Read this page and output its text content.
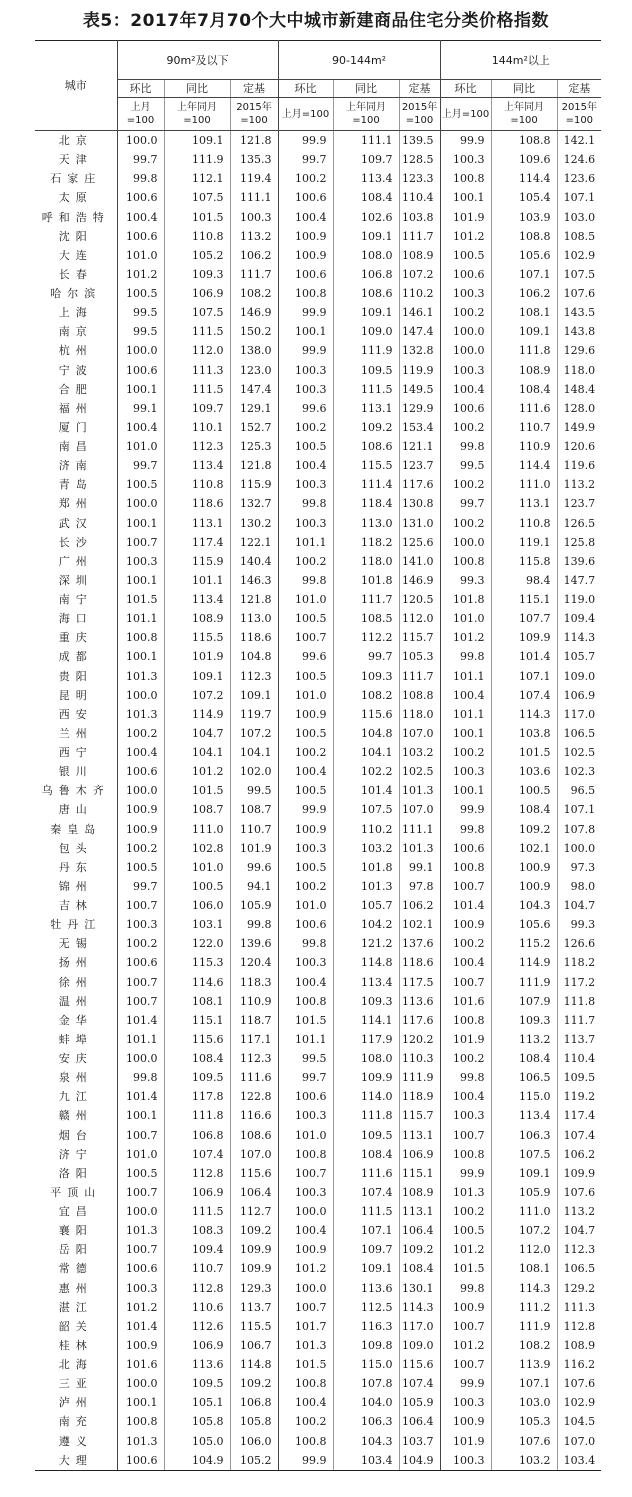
表5：2017年7月70个大中城市新建商品住宅分类价格指数
城市	90m²及以下			90-144m²			144m²以上		
	环比	同比	定基	环比	同比	定基	环比	同比	定基
	上月=100	上年同月=100	2015年=100	上月=100	上年同月=100	2015年=100	上月=100	上年同月=100	2015年=100
北京	100.0	109.1	121.8	99.9	111.1	139.5	99.9	108.8	142.1
天津	99.7	111.9	135.3	99.7	109.7	128.5	100.3	109.6	124.6
石家庄	99.8	112.1	119.4	100.2	113.4	123.3	100.8	114.4	123.6
太原	100.6	107.5	111.1	100.6	108.4	110.4	100.1	105.4	107.1
呼和浩特	100.4	101.5	100.3	100.4	102.6	103.8	101.9	103.9	103.0
沈阳	100.6	110.8	113.2	100.9	109.1	111.7	101.2	108.8	108.5
大连	101.0	105.2	106.2	100.9	108.0	108.9	100.5	105.6	102.9
长春	101.2	109.3	111.7	100.6	106.8	107.2	100.6	107.1	107.5
哈尔滨	100.5	106.9	108.2	100.8	108.6	110.2	100.3	106.2	107.6
上海	99.5	107.5	146.9	99.9	109.1	146.1	100.2	108.1	143.5
南京	99.5	111.5	150.2	100.1	109.0	147.4	100.0	109.1	143.8
杭州	100.0	112.0	138.0	99.9	111.9	132.8	100.0	111.8	129.6
宁波	100.6	111.3	123.0	100.3	109.5	119.9	100.3	108.9	118.0
合肥	100.1	111.5	147.4	100.3	111.5	149.5	100.4	108.4	148.4
福州	99.1	109.7	129.1	99.6	113.1	129.9	100.6	111.6	128.0
厦门	100.4	110.1	152.7	100.2	109.2	153.4	100.2	110.7	149.9
南昌	101.0	112.3	125.3	100.5	108.6	121.1	99.8	110.9	120.6
济南	99.7	113.4	121.8	100.4	115.5	123.7	99.5	114.4	119.6
青岛	100.5	110.8	115.9	100.3	111.4	117.6	100.2	111.0	113.2
郑州	100.0	118.6	132.7	99.8	118.4	130.8	99.7	113.1	123.7
武汉	100.1	113.1	130.2	100.3	113.0	131.0	100.2	110.8	126.5
长沙	100.7	117.4	122.1	101.1	118.2	125.6	100.0	119.1	125.8
广州	100.3	115.9	140.4	100.2	118.0	141.0	100.8	115.8	139.6
深圳	100.1	101.1	146.3	99.8	101.8	146.9	99.3	98.4	147.7
南宁	101.5	113.4	121.8	101.0	111.7	120.5	101.8	115.1	119.0
海口	101.1	108.9	113.0	100.5	108.5	112.0	101.0	107.7	109.4
重庆	100.8	115.5	118.6	100.7	112.2	115.7	101.2	109.9	114.3
成都	100.1	101.9	104.8	99.6	99.7	105.3	99.8	101.4	105.7
贵阳	101.3	109.1	112.3	100.5	109.3	111.7	101.1	107.1	109.0
昆明	100.0	107.2	109.1	101.0	108.2	108.8	100.4	107.4	106.9
西安	101.3	114.9	119.7	100.9	115.6	118.0	101.1	114.3	117.0
兰州	100.2	104.7	107.2	100.5	104.8	107.0	100.1	103.8	106.5
西宁	100.4	104.1	104.1	100.2	104.1	103.2	100.2	101.5	102.5
银川	100.6	101.2	102.0	100.4	102.2	102.5	100.3	103.6	102.3
乌鲁木齐	100.0	101.5	99.5	100.5	101.4	101.3	100.1	100.5	96.5
唐山	100.9	108.7	108.7	99.9	107.5	107.0	99.9	108.4	107.1
秦皇岛	100.9	111.0	110.7	100.9	110.2	111.1	99.8	109.2	107.8
包头	100.2	102.8	101.9	100.3	103.2	101.3	100.6	102.1	100.0
丹东	100.5	101.0	99.6	100.5	101.8	99.1	100.8	100.9	97.3
锦州	99.7	100.5	94.1	100.2	101.3	97.8	100.7	100.9	98.0
吉林	100.7	106.0	105.9	101.0	105.7	106.2	101.4	104.3	104.7
牡丹江	100.3	103.1	99.8	100.6	104.2	102.1	100.9	105.6	99.3
无锡	100.2	122.0	139.6	99.8	121.2	137.6	100.2	115.2	126.6
扬州	100.6	115.3	120.4	100.3	114.8	118.6	100.4	114.9	118.2
徐州	100.7	114.6	118.3	100.4	113.4	117.5	100.7	111.9	117.2
温州	100.7	108.1	110.9	100.8	109.3	113.6	101.6	107.9	111.8
金华	101.4	115.1	118.7	101.5	114.1	117.6	100.8	109.3	111.7
蚌埠	101.1	115.6	117.1	101.1	117.9	120.2	101.9	113.2	113.7
安庆	100.0	108.4	112.3	99.5	108.0	110.3	100.2	108.4	110.4
泉州	99.8	109.5	111.6	99.7	109.9	111.9	99.8	106.5	109.5
九江	101.4	117.8	122.8	100.6	114.0	118.9	100.4	115.0	119.2
赣州	100.1	111.8	116.6	100.3	111.8	115.7	100.3	113.4	117.4
烟台	100.7	106.8	108.6	101.0	109.5	113.1	100.7	106.3	107.4
济宁	101.0	107.4	107.0	100.8	108.4	106.9	100.8	107.5	106.2
洛阳	100.5	112.8	115.6	100.7	111.6	115.1	99.9	109.1	109.9
平顶山	100.7	106.9	106.4	100.3	107.4	108.9	101.3	105.9	107.6
宜昌	100.0	111.5	112.7	100.0	111.5	113.1	100.2	111.0	113.2
襄阳	101.3	108.3	109.2	100.4	107.1	106.4	100.5	107.2	104.7
岳阳	100.7	109.4	109.9	100.9	109.7	109.2	101.2	112.0	112.3
常德	100.6	110.7	109.9	101.2	109.1	108.4	101.5	108.1	106.5
惠州	100.3	112.8	129.3	100.0	113.6	130.1	99.8	114.3	129.2
湛江	101.2	110.6	113.7	100.7	112.5	114.3	100.9	111.2	111.3
韶关	101.4	112.6	115.5	101.7	116.3	117.0	100.7	111.9	112.8
桂林	100.9	106.9	106.7	101.3	109.8	109.0	101.2	108.2	108.9
北海	101.6	113.6	114.8	101.5	115.0	115.6	100.7	113.9	116.2
三亚	100.0	109.5	109.2	100.8	107.8	107.4	99.9	107.1	107.6
泸州	100.1	105.1	106.8	100.4	104.0	105.9	100.3	103.0	102.9
南充	100.8	105.8	105.8	100.2	106.3	106.4	100.9	105.3	104.5
遵义	101.3	105.0	106.0	100.8	104.3	103.7	101.9	107.6	107.0
大理	100.6	104.9	105.2	99.9	103.4	104.9	100.3	103.2	103.4
